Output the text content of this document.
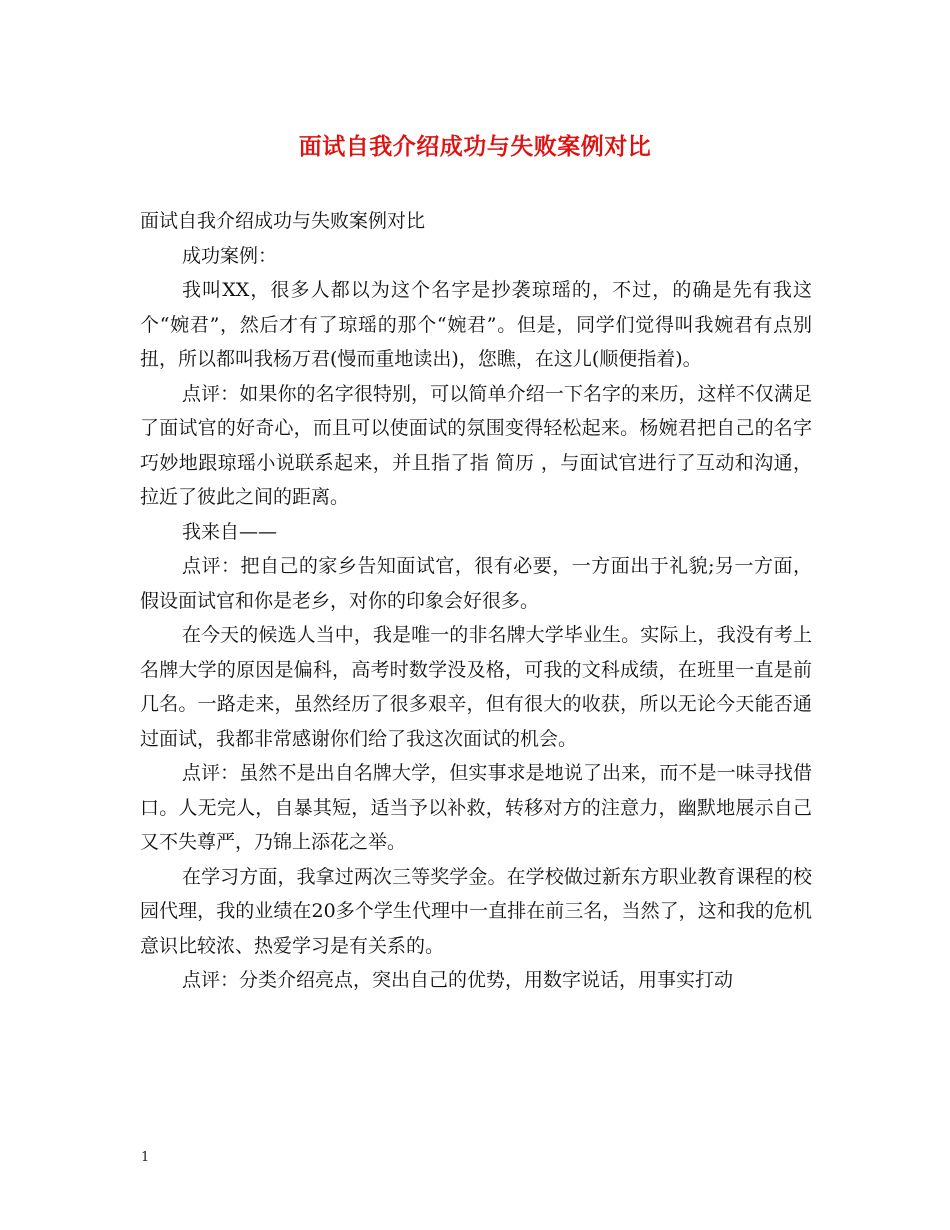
面试自我介绍成功与失败案例对比

面试自我介绍成功与失败案例对比

成功案例：

我叫XX，很多人都以为这个名字是抄袭琼瑶的，不过，的确是先有我这个“婉君”，然后才有了琼瑶的那个“婉君”。但是，同学们觉得叫我婉君有点别扭，所以都叫我杨万君(慢而重地读出)，您瞧，在这儿(顺便指着)。

点评：如果你的名字很特别，可以简单介绍一下名字的来历，这样不仅满足了面试官的好奇心，而且可以使面试的氛围变得轻松起来。杨婉君把自己的名字巧妙地跟琼瑶小说联系起来，并且指了指 简历 ，与面试官进行了互动和沟通，拉近了彼此之间的距离。

我来自——

点评：把自己的家乡告知面试官，很有必要，一方面出于礼貌;另一方面，假设面试官和你是老乡，对你的印象会好很多。

在今天的候选人当中，我是唯一的非名牌大学毕业生。实际上，我没有考上名牌大学的原因是偏科，高考时数学没及格，可我的文科成绩，在班里一直是前几名。一路走来，虽然经历了很多艰辛，但有很大的收获，所以无论今天能否通过面试，我都非常感谢你们给了我这次面试的机会。

点评：虽然不是出自名牌大学，但实事求是地说了出来，而不是一味寻找借口。人无完人，自暴其短，适当予以补救，转移对方的注意力，幽默地展示自己又不失尊严，乃锦上添花之举。

在学习方面，我拿过两次三等奖学金。在学校做过新东方职业教育课程的校园代理，我的业绩在20多个学生代理中一直排在前三名，当然了，这和我的危机意识比较浓、热爱学习是有关系的。

点评：分类介绍亮点，突出自己的优势，用数字说话，用事实打动

1
